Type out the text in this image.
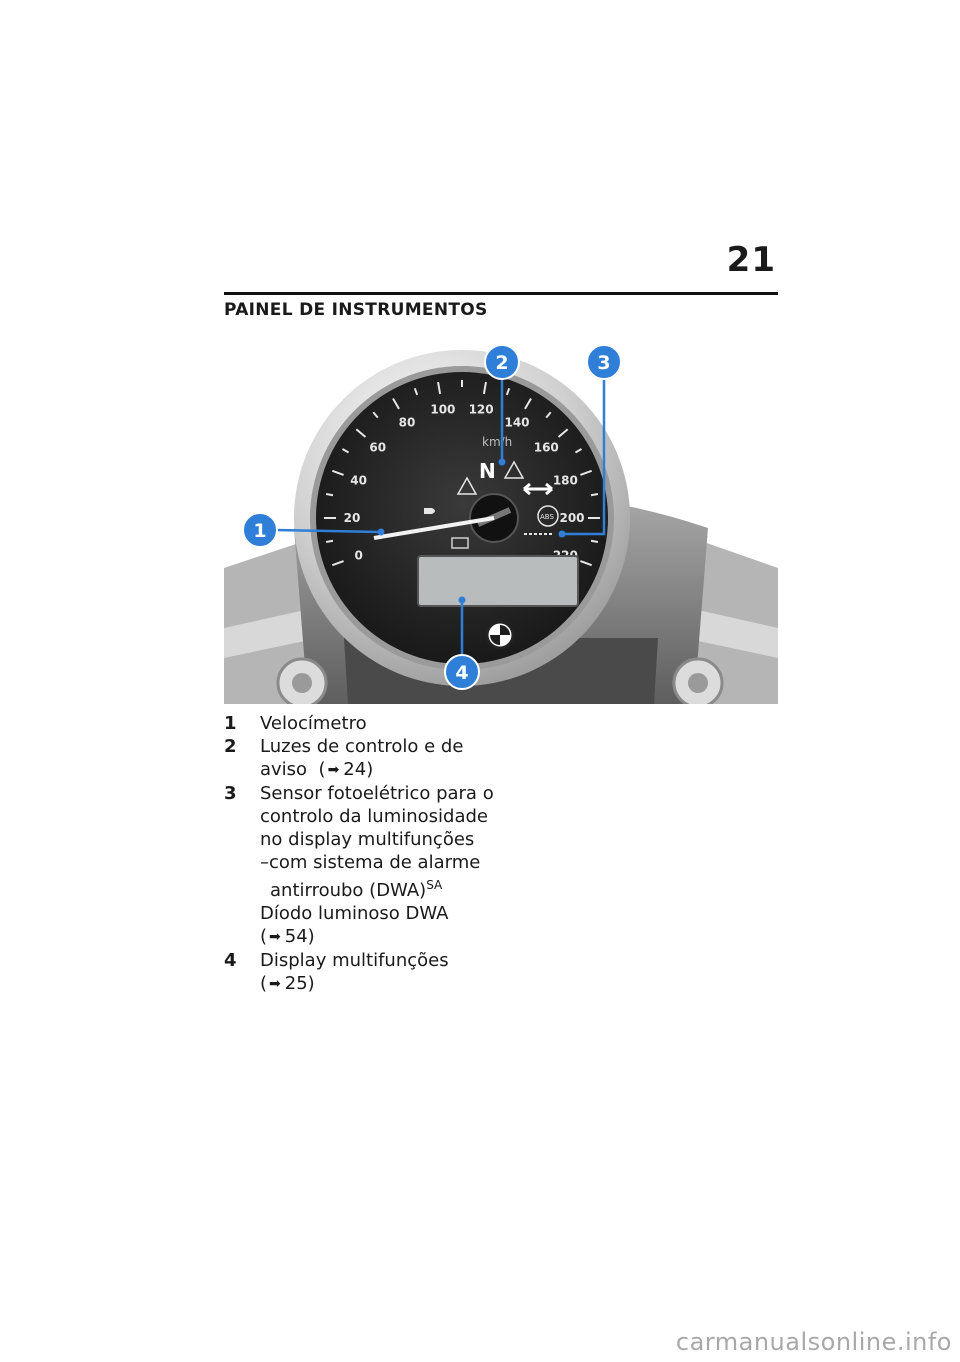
21
PAINEL DE INSTRUMENTOS
0
20
40
60
80
100 120
140
160
180
200
km/h
N
ABS
1
2	3
4
1 Velocímetro
2 Luzes de controlo e de
aviso ( ➡ 24)
3 Sensor fotoelétrico para o
controlo da luminosidade
no display multifunções
–com sistema de alarme
antirroubo (DWA)$^{SA}$
Díodo luminoso DWA
( ➡ 54)
4 Display multifunções
( ➡ 25)
carmanualsonline.info
